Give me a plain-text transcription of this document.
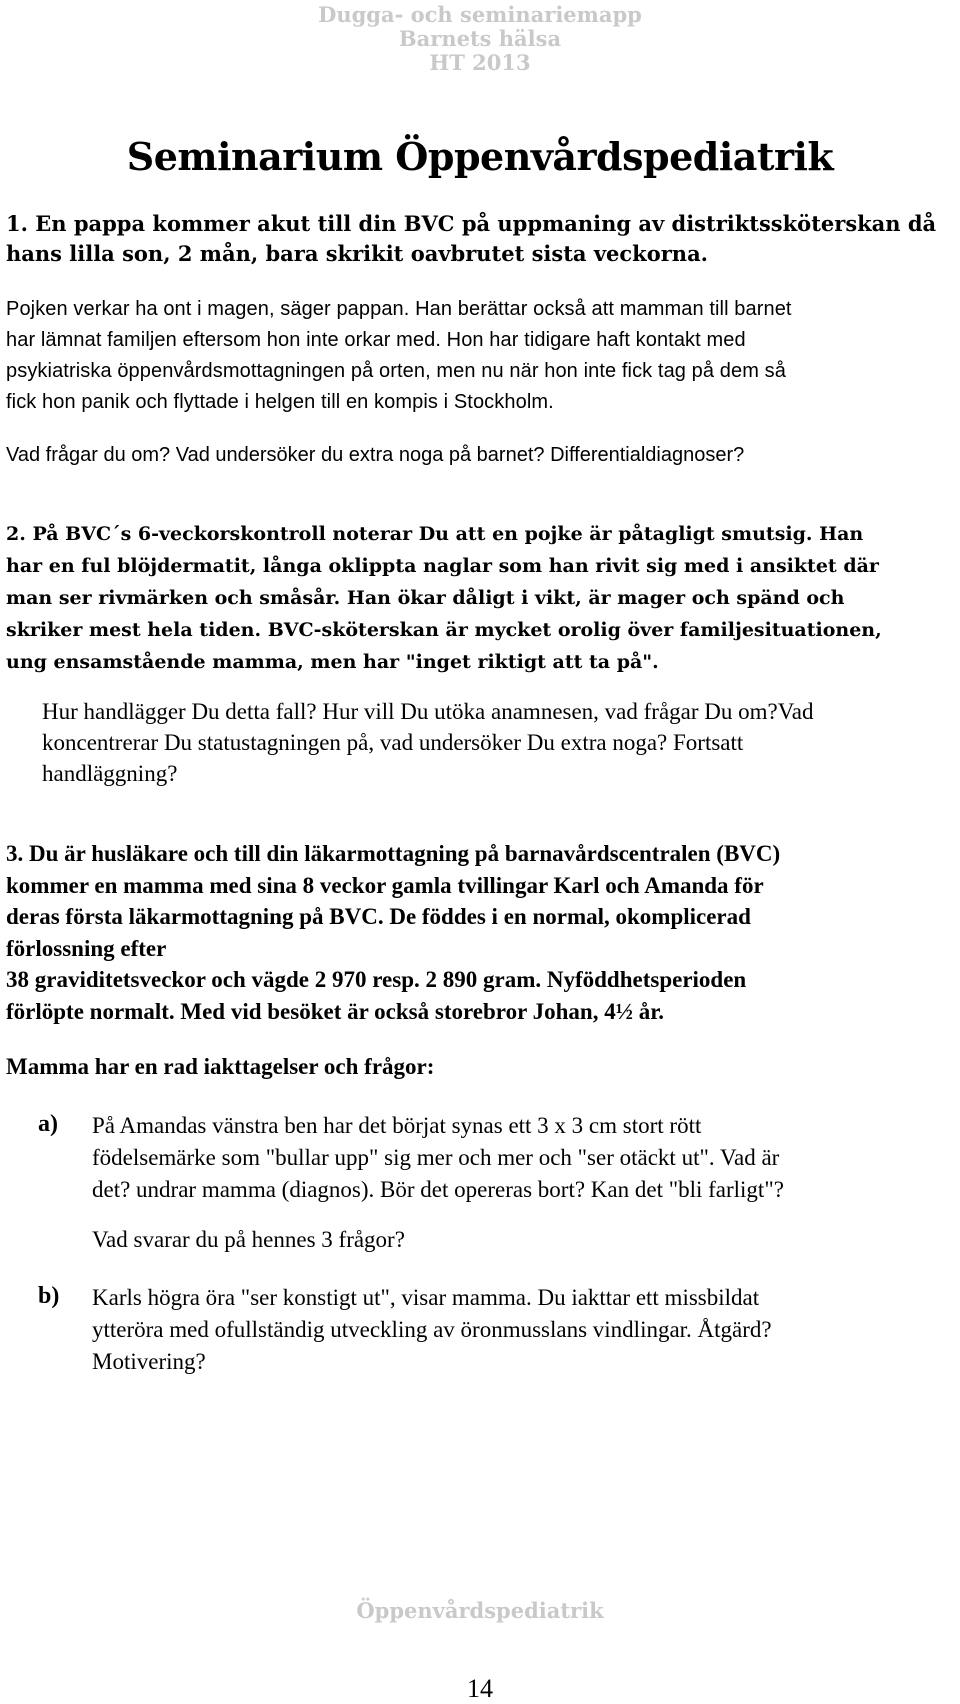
Dugga- och seminariemapp
Barnets hälsa
HT 2013
Seminarium Öppenvårdspediatrik
1. En pappa kommer akut till din BVC på uppmaning av distriktssköterskan då
hans lilla son, 2 mån, bara skrikit oavbrutet sista veckorna.
Pojken verkar ha ont i magen, säger pappan. Han berättar också att mamman till barnet
har lämnat familjen eftersom hon inte orkar med. Hon har tidigare haft kontakt med
psykiatriska öppenvårdsmottagningen på orten, men nu när hon inte fick tag på dem så
fick hon panik och flyttade i helgen till en kompis i Stockholm.
Vad frågar du om? Vad undersöker du extra noga på barnet? Differentialdiagnoser?
2. På BVC´s 6-veckorskontroll noterar Du att en pojke är påtagligt smutsig. Han
har en ful blöjdermatit, långa oklippta naglar som han rivit sig med i ansiktet där
man ser rivmärken och småsår. Han ökar dåligt i vikt, är mager och spänd och
skriker mest hela tiden. BVC-sköterskan är mycket orolig över familjesituationen,
ung ensamstående mamma, men har "inget riktigt att ta på".
Hur handlägger Du detta fall? Hur vill Du utöka anamnesen, vad frågar Du om?Vad
koncentrerar Du statustagningen på, vad undersöker Du extra noga? Fortsatt
handläggning?
3. Du är husläkare och till din läkarmottagning på barnavårdscentralen (BVC)
kommer en mamma med sina 8 veckor gamla tvillingar Karl och Amanda för
deras första läkarmottagning på BVC. De föddes i en normal, okomplicerad
förlossning efter
38 graviditetsveckor och vägde 2 970 resp. 2 890 gram. Nyföddhetsperioden
förlöpte normalt. Med vid besöket är också storebror Johan, 4½ år.
Mamma har en rad iakttagelser och frågor:
a) På Amandas vänstra ben har det börjat synas ett 3 x 3 cm stort rött
födelsemärke som "bullar upp" sig mer och mer och "ser otäckt ut". Vad är
det? undrar mamma (diagnos). Bör det opereras bort? Kan det "bli farligt"?
Vad svarar du på hennes 3 frågor?
b) Karls högra öra "ser konstigt ut", visar mamma. Du iakttar ett missbildat
ytteröra med ofullständig utveckling av öronmusslans vindlingar. Åtgärd?
Motivering?
Öppenvårdspediatrik
14
